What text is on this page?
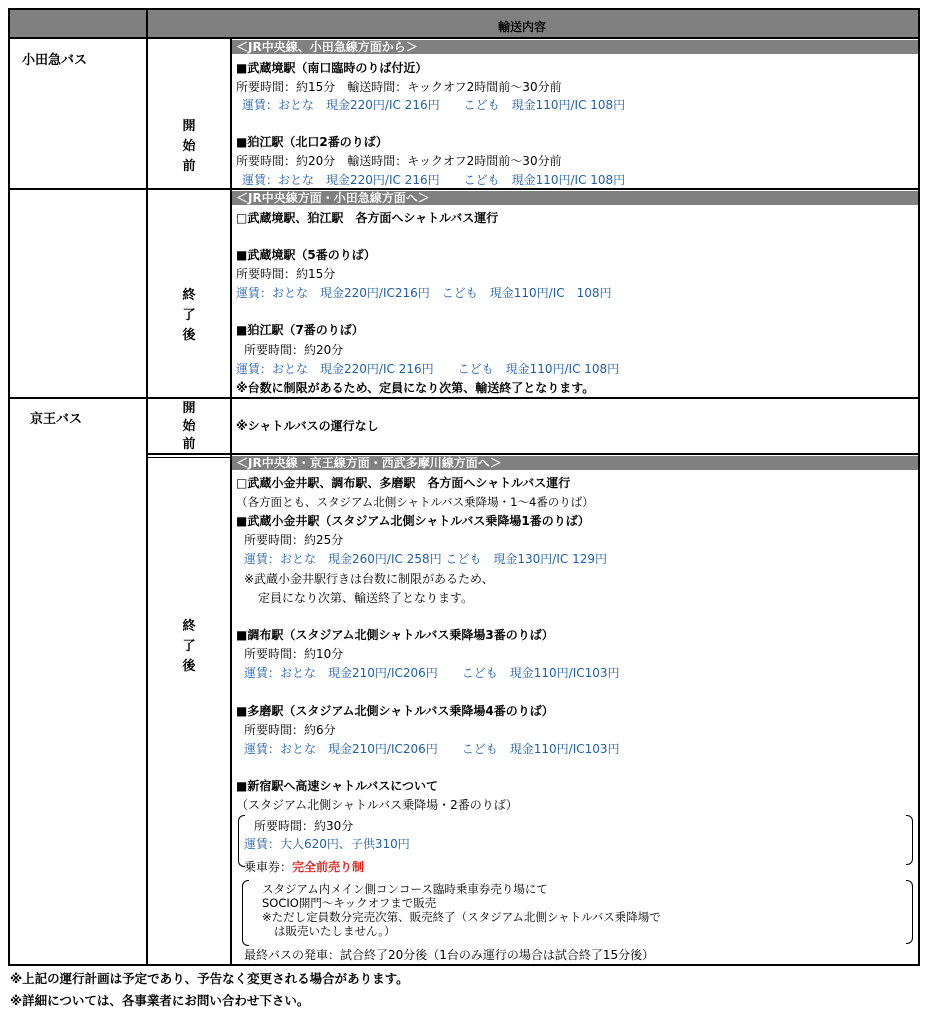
輸送内容
小田急バス
京王バス
開
始
前
終
了
後
開
始
前
終
了
後
＜JR中央線、小田急線方面から＞
■武蔵境駅（南口臨時のりば付近）
所要時間：約15分　輸送時間：キックオフ2時間前～30分前
運賃：おとな　現金220円/IC 216円　　こども　現金110円/IC 108円
■狛江駅（北口2番のりば）
所要時間：約20分　輸送時間：キックオフ2時間前～30分前
運賃：おとな　現金220円/IC 216円　　こども　現金110円/IC 108円
＜JR中央線方面・小田急線方面へ＞
□武蔵境駅、狛江駅　各方面へシャトルバス運行
■武蔵境駅（5番のりば）
所要時間：約15分
運賃：おとな　現金220円/IC216円　こども　現金110円/IC　108円
■狛江駅（7番のりば）
所要時間：約20分
運賃：おとな　現金220円/IC 216円　　こども　現金110円/IC 108円
※台数に制限があるため、定員になり次第、輸送終了となります。
※シャトルバスの運行なし
＜JR中央線・京王線方面・西武多摩川線方面へ＞
□武蔵小金井駅、調布駅、多磨駅　各方面へシャトルバス運行
（各方面とも、スタジアム北側シャトルバス乗降場・1～4番のりば）
■武蔵小金井駅（スタジアム北側シャトルバス乗降場1番のりば）
所要時間：約25分
運賃：おとな　現金260円/IC 258円 こども　現金130円/IC 129円
※武蔵小金井駅行きは台数に制限があるため、
定員になり次第、輸送終了となります。
■調布駅（スタジアム北側シャトルバス乗降場3番のりば）
所要時間：約10分
運賃：おとな　現金210円/IC206円　　こども　現金110円/IC103円
■多磨駅（スタジアム北側シャトルバス乗降場4番のりば）
所要時間：約6分
運賃：おとな　現金210円/IC206円　　こども　現金110円/IC103円
■新宿駅へ高速シャトルバスについて
（スタジアム北側シャトルバス乗降場・2番のりば）
所要時間：約30分
運賃：大人620円、子供310円
乗車券：完全前売り制
スタジアム内メイン側コンコース臨時乗車券売り場にて
SOCIO開門～キックオフまで販売
※ただし定員数分完売次第、販売終了（スタジアム北側シャトルバス乗降場で
は販売いたしません。）
最終バスの発車：試合終了20分後（1台のみ運行の場合は試合終了15分後）
※上記の運行計画は予定であり、予告なく変更される場合があります。
※詳細については、各事業者にお問い合わせ下さい。
